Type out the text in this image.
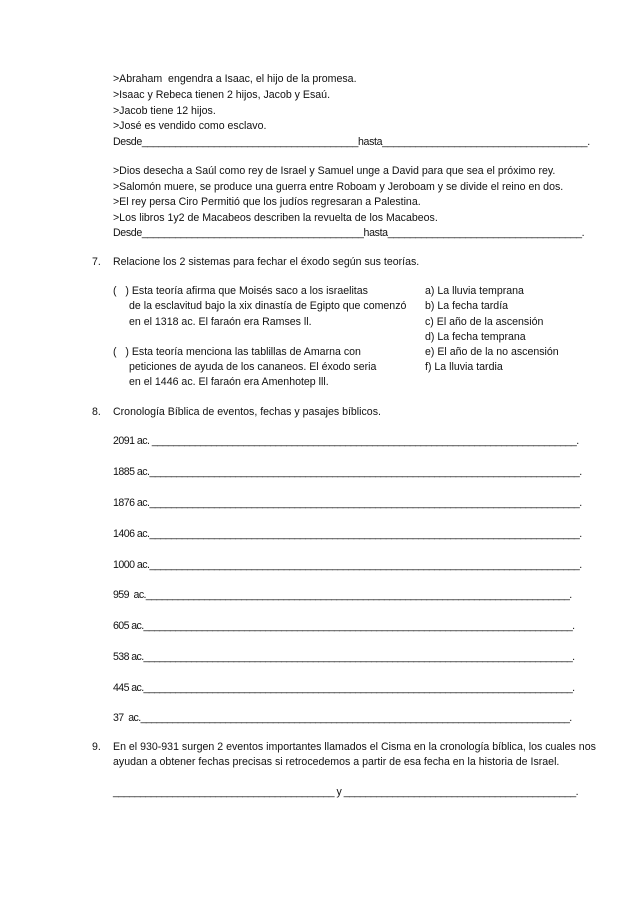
>Abraham  engendra a Isaac, el hijo de la promesa.
>Isaac y Rebeca tienen 2 hijos, Jacob y Esaú.
>Jacob tiene 12 hijos.
>José es vendido como esclavo.
Desde_______________________________________hasta_____________________________________.
>Dios desecha a Saúl como rey de Israel y Samuel unge a David para que sea el próximo rey.
>Salomón muere, se produce una guerra entre Roboam y Jeroboam y se divide el reino en dos.
>El rey persa Ciro Permitió que los judíos regresaran a Palestina.
>Los libros 1y2 de Macabeos describen la revuelta de los Macabeos.
Desde________________________________________hasta___________________________________.
7. Relacione los 2 sistemas para fechar el éxodo según sus teorías.
(   ) Esta teoría afirma que Moisés saco a los israelitas
de la esclavitud bajo la xix dinastía de Egipto que comenzó
en el 1318 ac. El faraón era Ramses ll.
(   ) Esta teoría menciona las tablillas de Amarna con
peticiones de ayuda de los cananeos. El éxodo seria
en el 1446 ac. El faraón era Amenhotep lll.
a) La lluvia temprana
b) La fecha tardía
c) El año de la ascensión
d) La fecha temprana
e) El año de la no ascensión
f) La lluvia tardia
8. Cronología Bíblica de eventos, fechas y pasajes bíblicos.
2091 ac. _______________________________________________________________________________.
1885 ac.________________________________________________________________________________.
1876 ac.________________________________________________________________________________.
1406 ac.________________________________________________________________________________.
1000 ac.________________________________________________________________________________.
959  ac.________________________________________________________________________________.
605 ac._________________________________________________________________________________.
538 ac._________________________________________________________________________________.
445 ac._________________________________________________________________________________.
37  ac._________________________________________________________________________________.
9. En el 930-931 surgen 2 eventos importantes llamados el Cisma en la cronología bíblica, los cuales nos
ayudan a obtener fechas precisas si retrocedemos a partir de esa fecha en la historia de Israel.
_________________________________________ y ___________________________________________.
